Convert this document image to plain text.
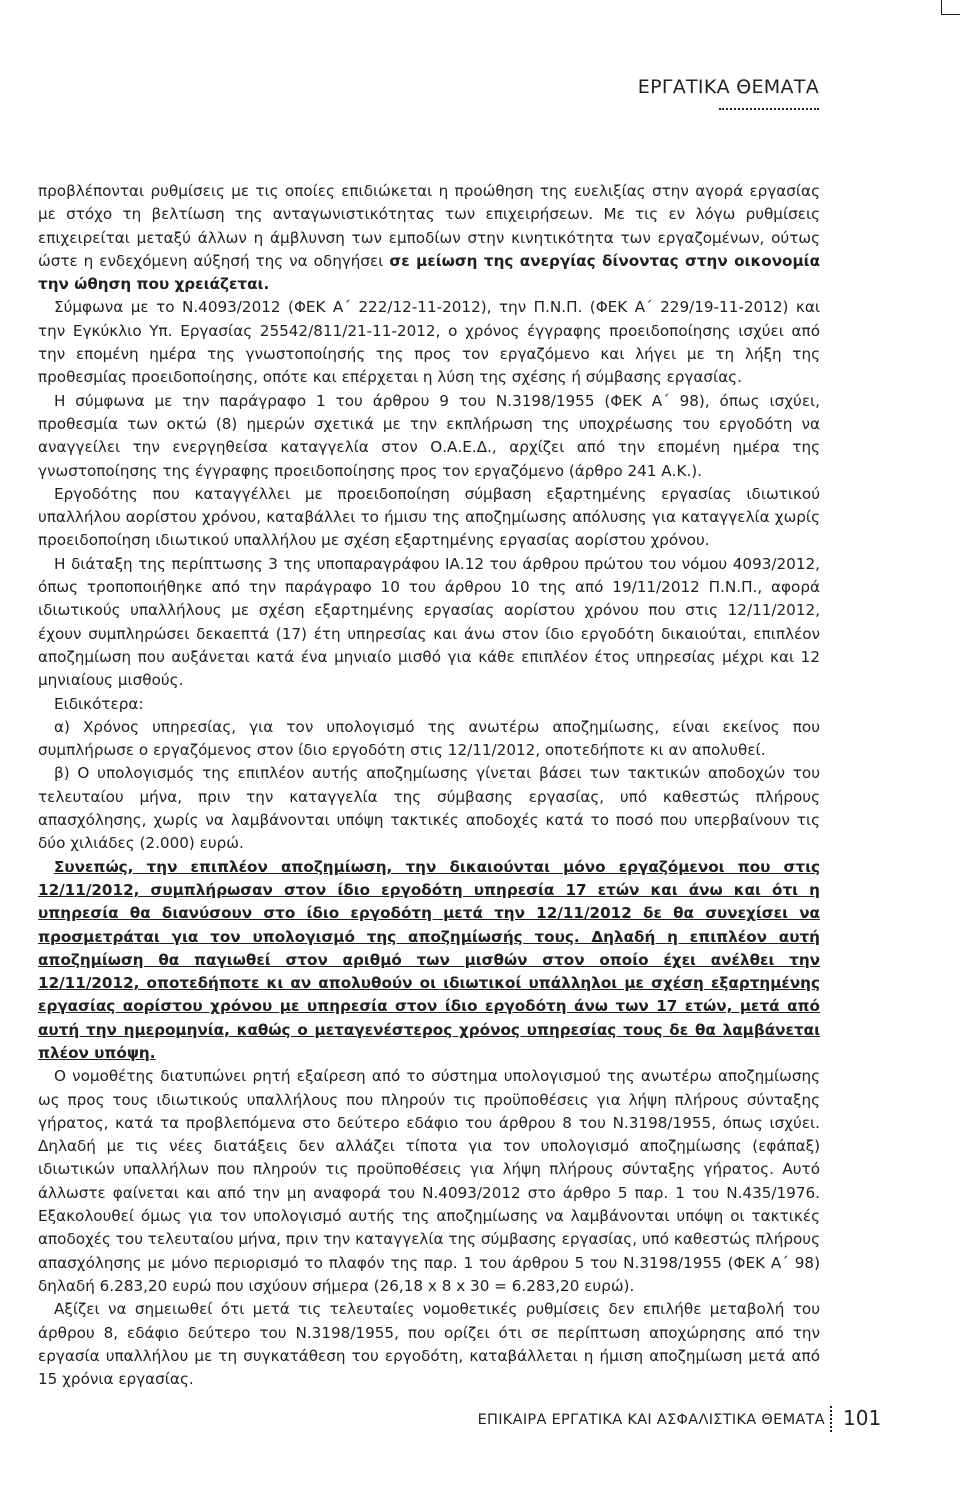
ΕΡΓΑΤΙΚΑ ΘΕΜΑΤΑ

προβλέπονται ρυθμίσεις με τις οποίες επιδιώκεται η προώθηση της ευελιξίας στην αγορά εργασίας με στόχο τη βελτίωση της ανταγωνιστικότητας των επιχειρήσεων. Με τις εν λόγω ρυθμίσεις επιχειρείται μεταξύ άλλων η άμβλυνση των εμποδίων στην κινητικότητα των εργαζομένων, ούτως ώστε η ενδεχόμενη αύξησή της να οδηγήσει σε μείωση της ανεργίας δίνοντας στην οικονομία την ώθηση που χρειάζεται.

Σύμφωνα με το Ν.4093/2012 (ΦΕΚ Α΄ 222/12-11-2012), την Π.Ν.Π. (ΦΕΚ Α΄ 229/19-11-2012) και την Εγκύκλιο Υπ. Εργασίας 25542/811/21-11-2012, ο χρόνος έγγραφης προειδοποίησης ισχύει από την επομένη ημέρα της γνωστοποίησής της προς τον εργαζόμενο και λήγει με τη λήξη της προθεσμίας προειδοποίησης, οπότε και επέρχεται η λύση της σχέσης ή σύμβασης εργασίας.

Η σύμφωνα με την παράγραφο 1 του άρθρου 9 του Ν.3198/1955 (ΦΕΚ Α΄ 98), όπως ισχύει, προθεσμία των οκτώ (8) ημερών σχετικά με την εκπλήρωση της υποχρέωσης του εργοδότη να αναγγείλει την ενεργηθείσα καταγγελία στον Ο.Α.Ε.Δ., αρχίζει από την επομένη ημέρα της γνωστοποίησης της έγγραφης προειδοποίησης προς τον εργαζόμενο (άρθρο 241 Α.Κ.).

Εργοδότης που καταγγέλλει με προειδοποίηση σύμβαση εξαρτημένης εργασίας ιδιωτικού υπαλλήλου αορίστου χρόνου, καταβάλλει το ήμισυ της αποζημίωσης απόλυσης για καταγγελία χωρίς προειδοποίηση ιδιωτικού υπαλλήλου με σχέση εξαρτημένης εργασίας αορίστου χρόνου.

Η διάταξη της περίπτωσης 3 της υποπαραγράφου ΙΑ.12 του άρθρου πρώτου του νόμου 4093/2012, όπως τροποποιήθηκε από την παράγραφο 10 του άρθρου 10 της από 19/11/2012 Π.Ν.Π., αφορά ιδιωτικούς υπαλλήλους με σχέση εξαρτημένης εργασίας αορίστου χρόνου που στις 12/11/2012, έχουν συμπληρώσει δεκαεπτά (17) έτη υπηρεσίας και άνω στον ίδιο εργοδότη δικαιούται, επιπλέον αποζημίωση που αυξάνεται κατά ένα μηνιαίο μισθό για κάθε επιπλέον έτος υπηρεσίας μέχρι και 12 μηνιαίους μισθούς.

Ειδικότερα:

α) Χρόνος υπηρεσίας, για τον υπολογισμό της ανωτέρω αποζημίωσης, είναι εκείνος που συμπλήρωσε ο εργαζόμενος στον ίδιο εργοδότη στις 12/11/2012, οποτεδήποτε κι αν απολυθεί.

β) Ο υπολογισμός της επιπλέον αυτής αποζημίωσης γίνεται βάσει των τακτικών αποδοχών του τελευταίου μήνα, πριν την καταγγελία της σύμβασης εργασίας, υπό καθεστώς πλήρους απασχόλησης, χωρίς να λαμβάνονται υπόψη τακτικές αποδοχές κατά το ποσό που υπερβαίνουν τις δύο χιλιάδες (2.000) ευρώ.

Συνεπώς, την επιπλέον αποζημίωση, την δικαιούνται μόνο εργαζόμενοι που στις 12/11/2012, συμπλήρωσαν στον ίδιο εργοδότη υπηρεσία 17 ετών και άνω και ότι η υπηρεσία θα διανύσουν στο ίδιο εργοδότη μετά την 12/11/2012 δε θα συνεχίσει να προσμετράται για τον υπολογισμό της αποζημίωσής τους. Δηλαδή η επιπλέον αυτή αποζημίωση θα παγιωθεί στον αριθμό των μισθών στον οποίο έχει ανέλθει την 12/11/2012, οποτεδήποτε κι αν απολυθούν οι ιδιωτικοί υπάλληλοι με σχέση εξαρτημένης εργασίας αορίστου χρόνου με υπηρεσία στον ίδιο εργοδότη άνω των 17 ετών, μετά από αυτή την ημερομηνία, καθώς ο μεταγενέστερος χρόνος υπηρεσίας τους δε θα λαμβάνεται πλέον υπόψη.

Ο νομοθέτης διατυπώνει ρητή εξαίρεση από το σύστημα υπολογισμού της ανωτέρω αποζημίωσης ως προς τους ιδιωτικούς υπαλλήλους που πληρούν τις προϋποθέσεις για λήψη πλήρους σύνταξης γήρατος, κατά τα προβλεπόμενα στο δεύτερο εδάφιο του άρθρου 8 του Ν.3198/1955, όπως ισχύει. Δηλαδή με τις νέες διατάξεις δεν αλλάζει τίποτα για τον υπολογισμό αποζημίωσης (εφάπαξ) ιδιωτικών υπαλλήλων που πληρούν τις προϋποθέσεις για λήψη πλήρους σύνταξης γήρατος. Αυτό άλλωστε φαίνεται και από την μη αναφορά του Ν.4093/2012 στο άρθρο 5 παρ. 1 του Ν.435/1976. Εξακολουθεί όμως για τον υπολογισμό αυτής της αποζημίωσης να λαμβάνονται υπόψη οι τακτικές αποδοχές του τελευταίου μήνα, πριν την καταγγελία της σύμβασης εργασίας, υπό καθεστώς πλήρους απασχόλησης με μόνο περιορισμό το πλαφόν της παρ. 1 του άρθρου 5 του Ν.3198/1955 (ΦΕΚ Α΄ 98) δηλαδή 6.283,20 ευρώ που ισχύουν σήμερα (26,18 x 8 x 30 = 6.283,20 ευρώ).

Αξίζει να σημειωθεί ότι μετά τις τελευταίες νομοθετικές ρυθμίσεις δεν επιλήθε μεταβολή του άρθρου 8, εδάφιο δεύτερο του Ν.3198/1955, που ορίζει ότι σε περίπτωση αποχώρησης από την εργασία υπαλλήλου με τη συγκατάθεση του εργοδότη, καταβάλλεται η ήμιση αποζημίωση μετά από 15 χρόνια εργασίας.

ΕΠΙΚΑΙΡΑ ΕΡΓΑΤΙΚΑ ΚΑΙ ΑΣΦΑΛΙΣΤΙΚΑ ΘΕΜΑΤΑ 101
